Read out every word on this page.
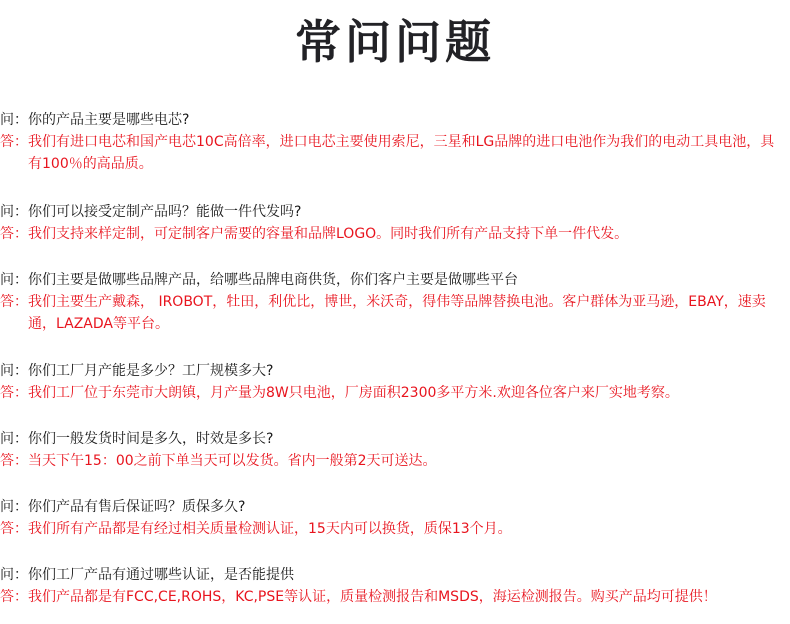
常问问题
问： 你的产品主要是哪些电芯?
答： 我们有进口电芯和国产电芯10C高倍率，进口电芯主要使用索尼，三星和LG品牌的进口电池作为我们的电动工具电池，具有100％的高品质。
问： 你们可以接受定制产品吗？能做一件代发吗?
答： 我们支持来样定制，可定制客户需要的容量和品牌LOGO。同时我们所有产品支持下单一件代发。
问： 你们主要是做哪些品牌产品，给哪些品牌电商供货，你们客户主要是做哪些平台
答： 我们主要生产戴森， IROBOT，牡田，利优比，博世，米沃奇，得伟等品牌替换电池。客户群体为亚马逊，EBAY，速卖通，LAZADA等平台。
问： 你们工厂月产能是多少？工厂规模多大?
答： 我们工厂位于东莞市大朗镇，月产量为8W只电池，厂房面积2300多平方米.欢迎各位客户来厂实地考察。
问： 你们一般发货时间是多久，时效是多长?
答： 当天下午15：00之前下单当天可以发货。省内一般第2天可送达。
问： 你们产品有售后保证吗？质保多久?
答： 我们所有产品都是有经过相关质量检测认证，15天内可以换货，质保13个月。
问： 你们工厂产品有通过哪些认证，是否能提供
答： 我们产品都是有FCC,CE,ROHS，KC,PSE等认证，质量检测报告和MSDS，海运检测报告。购买产品均可提供！
